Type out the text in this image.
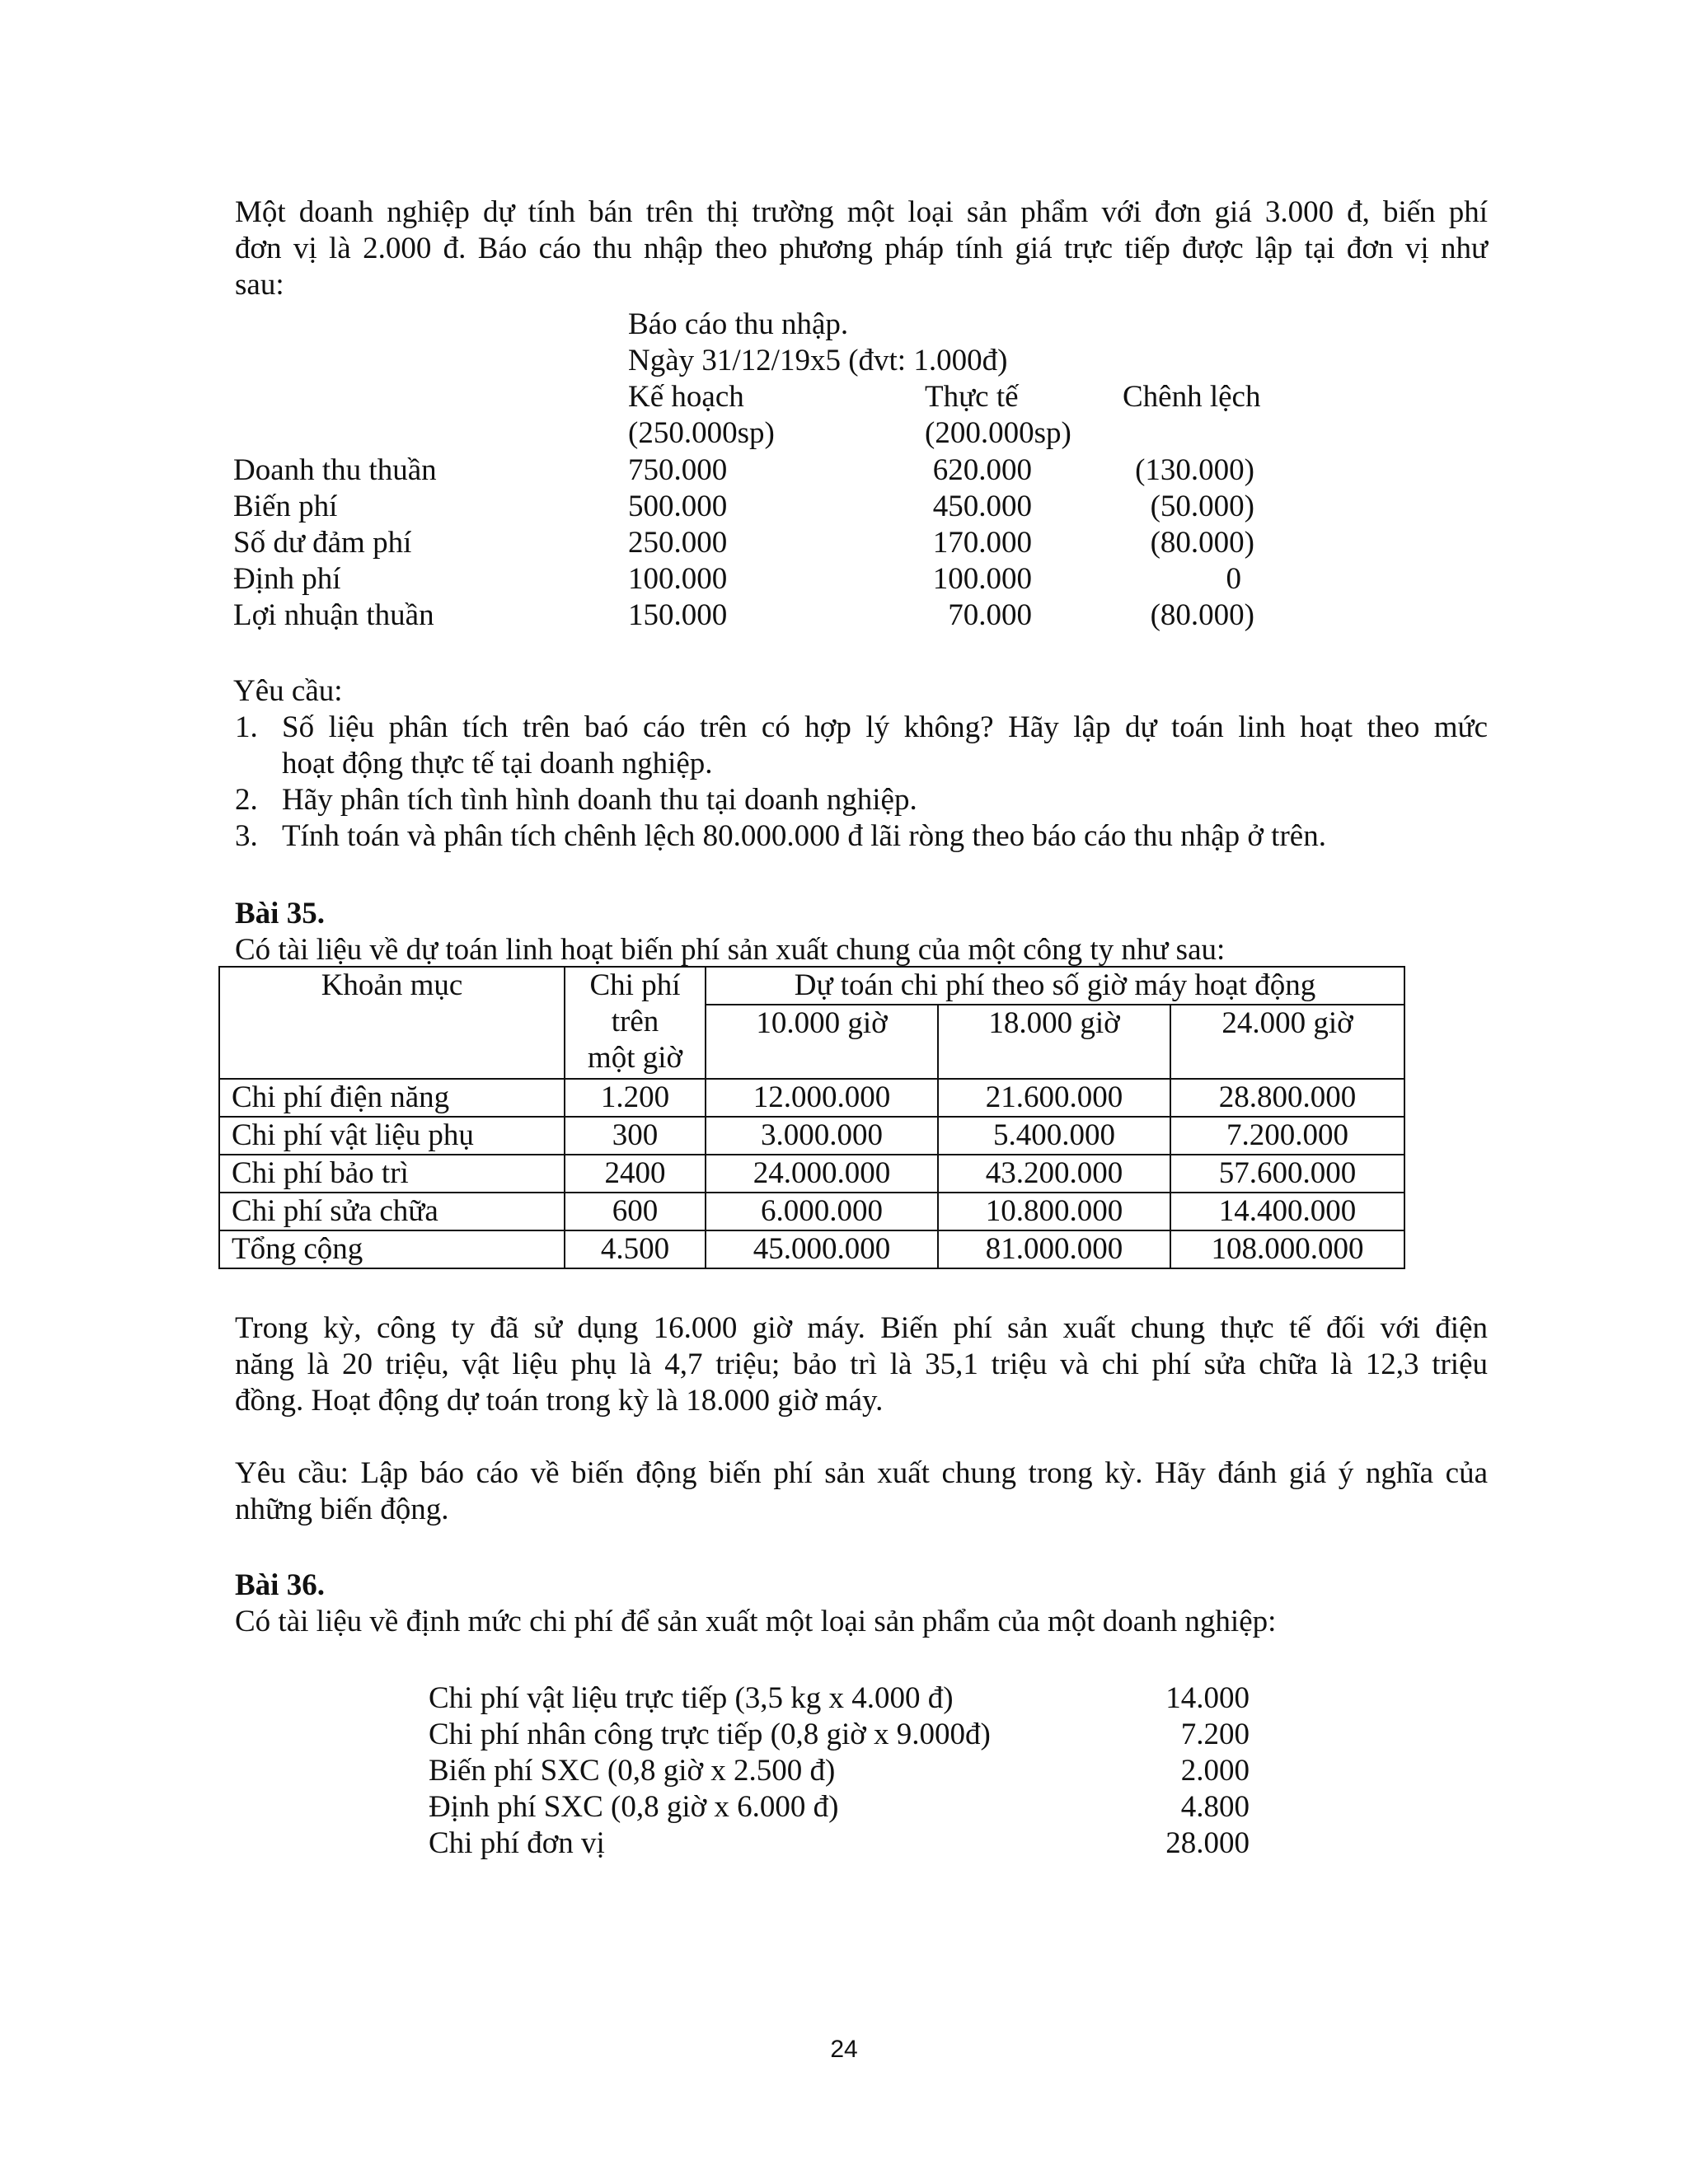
Một doanh nghiệp dự tính bán trên thị trường một loại sản phẩm với đơn giá 3.000 đ, biến phí
đơn vị là 2.000 đ. Báo cáo thu nhập theo phương pháp tính giá trực tiếp được lập tại đơn vị như
sau:
Báo cáo thu nhập.
Ngày 31/12/19x5 (đvt: 1.000đ)
Kế hoạch	Thực tế	Chênh lệch
(250.000sp)	(200.000sp)
Doanh thu thuần	750.000	620.000	(130.000)
Biến phí	500.000	450.000	(50.000)
Số dư đảm phí	250.000	170.000	(80.000)
Định phí	100.000	100.000	0
Lợi nhuận thuần	150.000	70.000	(80.000)
Yêu cầu:
1. Số liệu phân tích trên baó cáo trên có hợp lý không? Hãy lập dự toán linh hoạt theo mức
hoạt động thực tế tại doanh nghiệp.
2. Hãy phân tích tình hình doanh thu tại doanh nghiệp.
3. Tính toán và phân tích chênh lệch 80.000.000 đ lãi ròng theo báo cáo thu nhập ở trên.
Bài 35.
Có tài liệu về dự toán linh hoạt biến phí sản xuất chung của một công ty như sau:
Khoản mục	Chi phí
trên
một giờ	Dự toán chi phí theo số giờ máy hoạt động		
		10.000 giờ	18.000 giờ	24.000 giờ
Chi phí điện năng	1.200	12.000.000	21.600.000	28.800.000
Chi phí vật liệu phụ	300	3.000.000	5.400.000	7.200.000
Chi phí bảo trì	2400	24.000.000	43.200.000	57.600.000
Chi phí sửa chữa	600	6.000.000	10.800.000	14.400.000
Tổng cộng	4.500	45.000.000	81.000.000	108.000.000
Trong kỳ, công ty đã sử dụng 16.000 giờ máy. Biến phí sản xuất chung thực tế đối với điện
năng là 20 triệu, vật liệu phụ là 4,7 triệu; bảo trì là 35,1 triệu và chi phí sửa chữa là 12,3 triệu
đồng. Hoạt động dự toán trong kỳ là 18.000 giờ máy.
Yêu cầu: Lập báo cáo về biến động biến phí sản xuất chung trong kỳ. Hãy đánh giá ý nghĩa của
những biến động.
Bài 36.
Có tài liệu về định mức chi phí để sản xuất một loại sản phẩm của một doanh nghiệp:
Chi phí vật liệu trực tiếp (3,5 kg x 4.000 đ)	14.000
Chi phí nhân công trực tiếp (0,8 giờ x 9.000đ)	7.200
Biến phí SXC (0,8 giờ x 2.500 đ)	2.000
Định phí SXC (0,8 giờ x 6.000 đ)	4.800
Chi phí đơn vị	28.000
24
